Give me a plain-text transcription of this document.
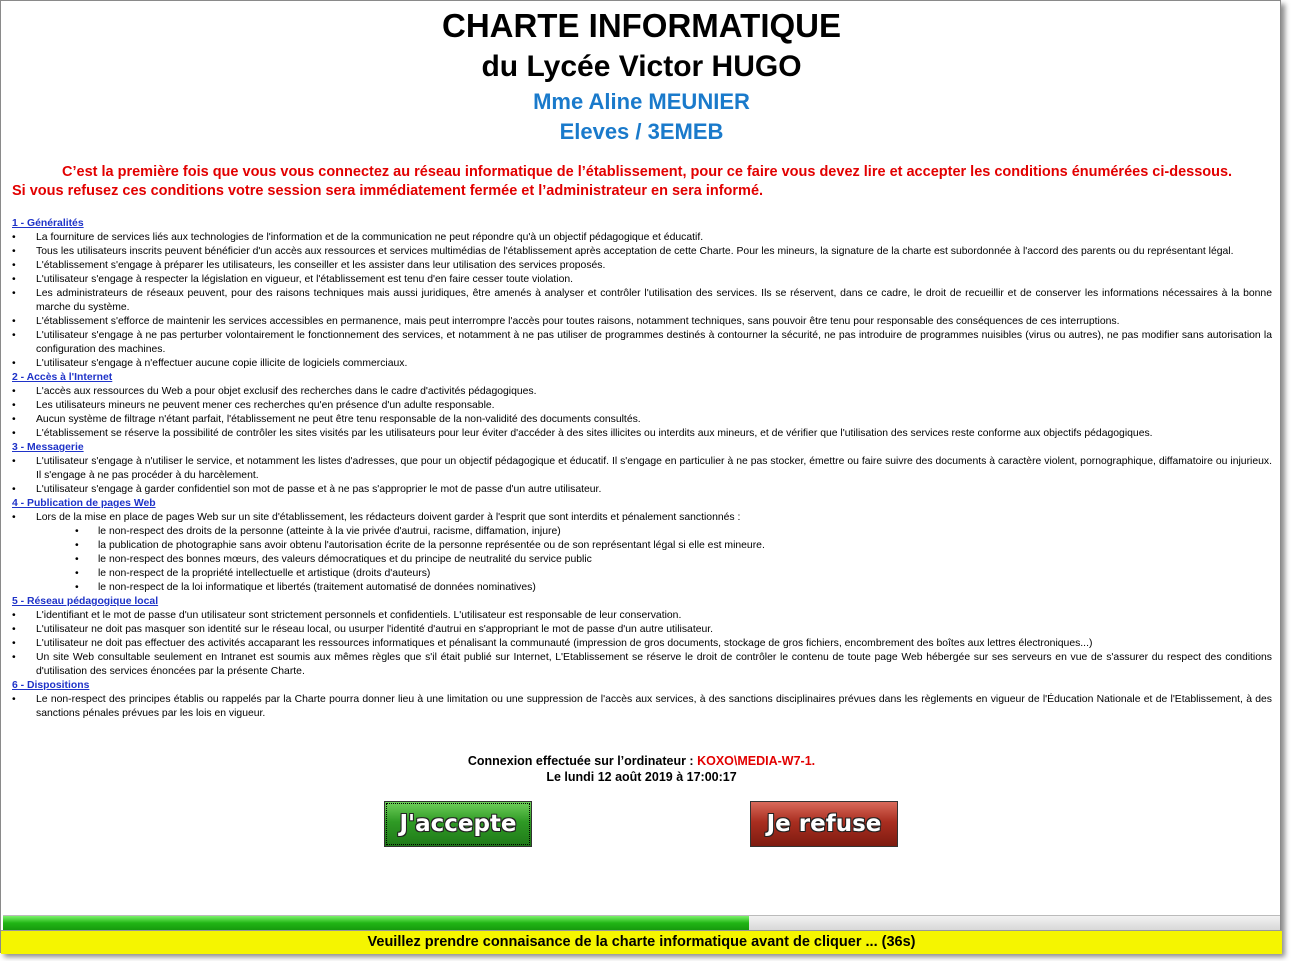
CHARTE INFORMATIQUE
du Lycée Victor HUGO
Mme Aline MEUNIER
Eleves / 3EMEB
C’est la première fois que vous vous connectez au réseau informatique de l’établissement, pour ce faire vous devez lire et accepter les conditions énumérées ci-dessous.
Si vous refusez ces conditions votre session sera immédiatement fermée et l’administrateur en sera informé.
1 - Généralités
• La fourniture de services liés aux technologies de l'information et de la communication ne peut répondre qu'à un objectif pédagogique et éducatif.
• Tous les utilisateurs inscrits peuvent bénéficier d'un accès aux ressources et services multimédias de l'établissement après acceptation de cette Charte. Pour les mineurs, la signature de la charte est subordonnée à l'accord des parents ou du représentant légal.
• L'établissement s'engage à préparer les utilisateurs, les conseiller et les assister dans leur utilisation des services proposés.
• L'utilisateur s'engage à respecter la législation en vigueur, et l'établissement est tenu d'en faire cesser toute violation.
• Les administrateurs de réseaux peuvent, pour des raisons techniques mais aussi juridiques, être amenés à analyser et contrôler l'utilisation des services. Ils se réservent, dans ce cadre, le droit de recueillir et de conserver les informations nécessaires à la bonne marche du système.
• L'établissement s'efforce de maintenir les services accessibles en permanence, mais peut interrompre l'accès pour toutes raisons, notamment techniques, sans pouvoir être tenu pour responsable des conséquences de ces interruptions.
• L'utilisateur s'engage à ne pas perturber volontairement le fonctionnement des services, et notamment à ne pas utiliser de programmes destinés à contourner la sécurité, ne pas introduire de programmes nuisibles (virus ou autres), ne pas modifier sans autorisation la configuration des machines.
• L'utilisateur s'engage à n'effectuer aucune copie illicite de logiciels commerciaux.
2 - Accès à l'Internet
• L'accès aux ressources du Web a pour objet exclusif des recherches dans le cadre d'activités pédagogiques.
• Les utilisateurs mineurs ne peuvent mener ces recherches qu'en présence d'un adulte responsable.
• Aucun système de filtrage n'étant parfait, l'établissement ne peut être tenu responsable de la non-validité des documents consultés.
• L'établissement se réserve la possibilité de contrôler les sites visités par les utilisateurs pour leur éviter d'accéder à des sites illicites ou interdits aux mineurs, et de vérifier que l'utilisation des services reste conforme aux objectifs pédagogiques.
3 - Messagerie
• L'utilisateur s'engage à n'utiliser le service, et notamment les listes d'adresses, que pour un objectif pédagogique et éducatif. Il s'engage en particulier à ne pas stocker, émettre ou faire suivre des documents à caractère violent, pornographique, diffamatoire ou injurieux. Il s'engage à ne pas procéder à du harcèlement.
• L'utilisateur s'engage à garder confidentiel son mot de passe et à ne pas s'approprier le mot de passe d'un autre utilisateur.
4 - Publication de pages Web
• Lors de la mise en place de pages Web sur un site d'établissement, les rédacteurs doivent garder à l'esprit que sont interdits et pénalement sanctionnés :
• le non-respect des droits de la personne (atteinte à la vie privée d'autrui, racisme, diffamation, injure)
• la publication de photographie sans avoir obtenu l'autorisation écrite de la personne représentée ou de son représentant légal si elle est mineure.
• le non-respect des bonnes mœurs, des valeurs démocratiques et du principe de neutralité du service public
• le non-respect de la propriété intellectuelle et artistique (droits d'auteurs)
• le non-respect de la loi informatique et libertés (traitement automatisé de données nominatives)
5 - Réseau pédagogique local
• L'identifiant et le mot de passe d'un utilisateur sont strictement personnels et confidentiels. L'utilisateur est responsable de leur conservation.
• L'utilisateur ne doit pas masquer son identité sur le réseau local, ou usurper l'identité d'autrui en s'appropriant le mot de passe d'un autre utilisateur.
• L'utilisateur ne doit pas effectuer des activités accaparant les ressources informatiques et pénalisant la communauté (impression de gros documents, stockage de gros fichiers, encombrement des boîtes aux lettres électroniques...)
• Un site Web consultable seulement en Intranet est soumis aux mêmes règles que s'il était publié sur Internet, L'Etablissement se réserve le droit de contrôler le contenu de toute page Web hébergée sur ses serveurs en vue de s'assurer du respect des conditions d'utilisation des services énoncées par la présente Charte.
6 - Dispositions
• Le non-respect des principes établis ou rappelés par la Charte pourra donner lieu à une limitation ou une suppression de l'accès aux services, à des sanctions disciplinaires prévues dans les règlements en vigueur de l'Éducation Nationale et de l'Etablissement, à des sanctions pénales prévues par les lois en vigueur.
Connexion effectuée sur l’ordinateur : KOXO\MEDIA-W7-1.
Le lundi 12 août 2019 à 17:00:17
J'accepte	Je refuse
Veuillez prendre connaisance de la charte informatique avant de cliquer ... (36s)
